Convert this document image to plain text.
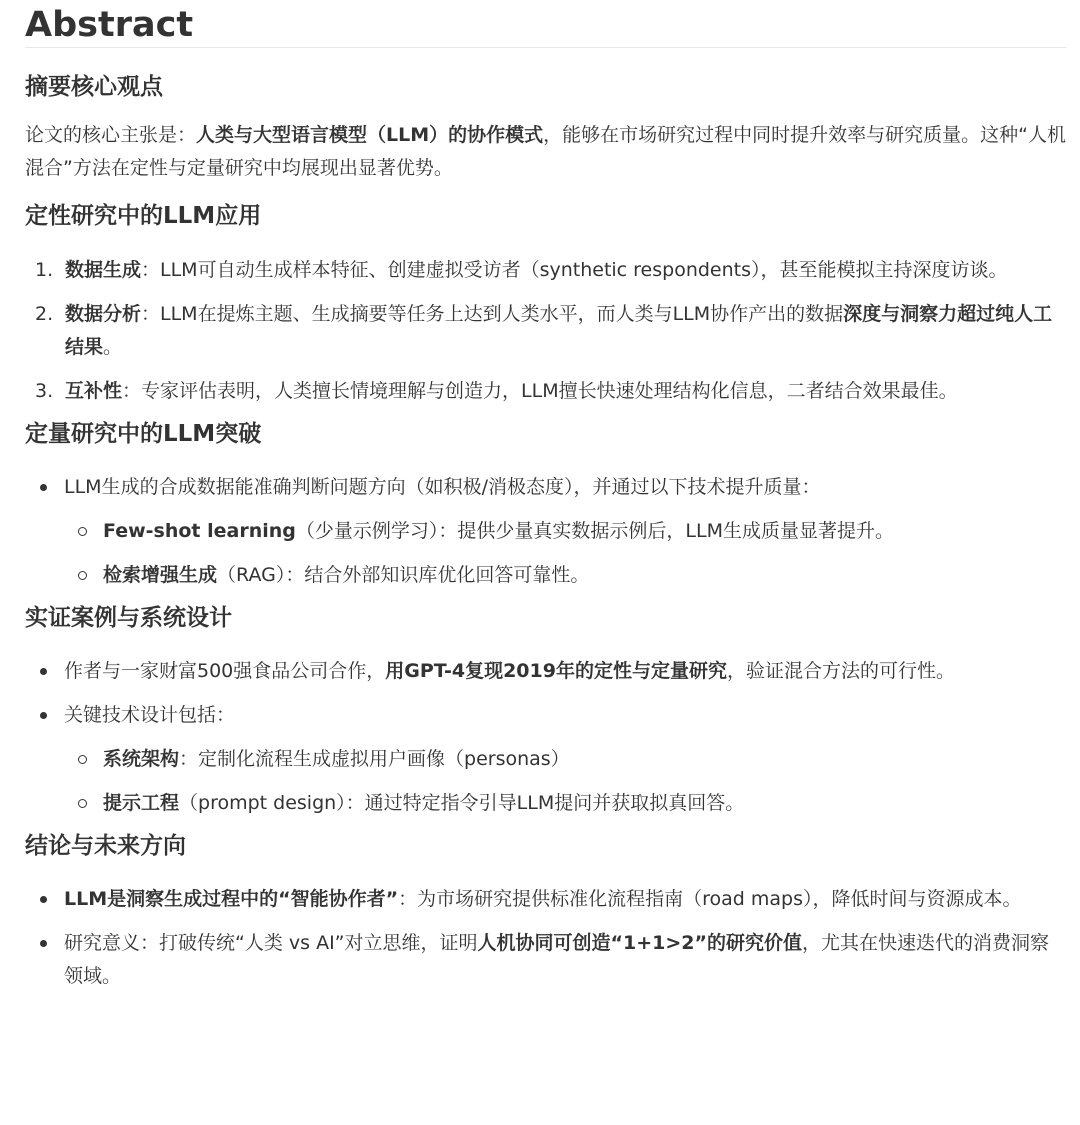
Abstract
摘要核心观点

论文的核心主张是：人类与大型语言模型（LLM）的协作模式，能够在市场研究过程中同时提升效率与研究质量。这种“人机混合”方法在定性与定量研究中均展现出显著优势。

定性研究中的LLM应用
1. 数据生成：LLM可自动生成样本特征、创建虚拟受访者（synthetic respondents），甚至能模拟主持深度访谈。
2. 数据分析：LLM在提炼主题、生成摘要等任务上达到人类水平，而人类与LLM协作产出的数据深度与洞察力超过纯人工结果。
3. 互补性：专家评估表明，人类擅长情境理解与创造力，LLM擅长快速处理结构化信息，二者结合效果最佳。
定量研究中的LLM突破
LLM生成的合成数据能准确判断问题方向（如积极/消极态度），并通过以下技术提升质量：
Few-shot learning（少量示例学习）：提供少量真实数据示例后，LLM生成质量显著提升。
检索增强生成（RAG）：结合外部知识库优化回答可靠性。
实证案例与系统设计
作者与一家财富500强食品公司合作，用GPT-4复现2019年的定性与定量研究，验证混合方法的可行性。
关键技术设计包括：
系统架构：定制化流程生成虚拟用户画像（personas）
提示工程（prompt design）：通过特定指令引导LLM提问并获取拟真回答。
结论与未来方向
LLM是洞察生成过程中的“智能协作者”：为市场研究提供标准化流程指南（road maps），降低时间与资源成本。
研究意义：打破传统“人类 vs AI”对立思维，证明人机协同可创造“1+1>2”的研究价值，尤其在快速迭代的消费洞察领域。
